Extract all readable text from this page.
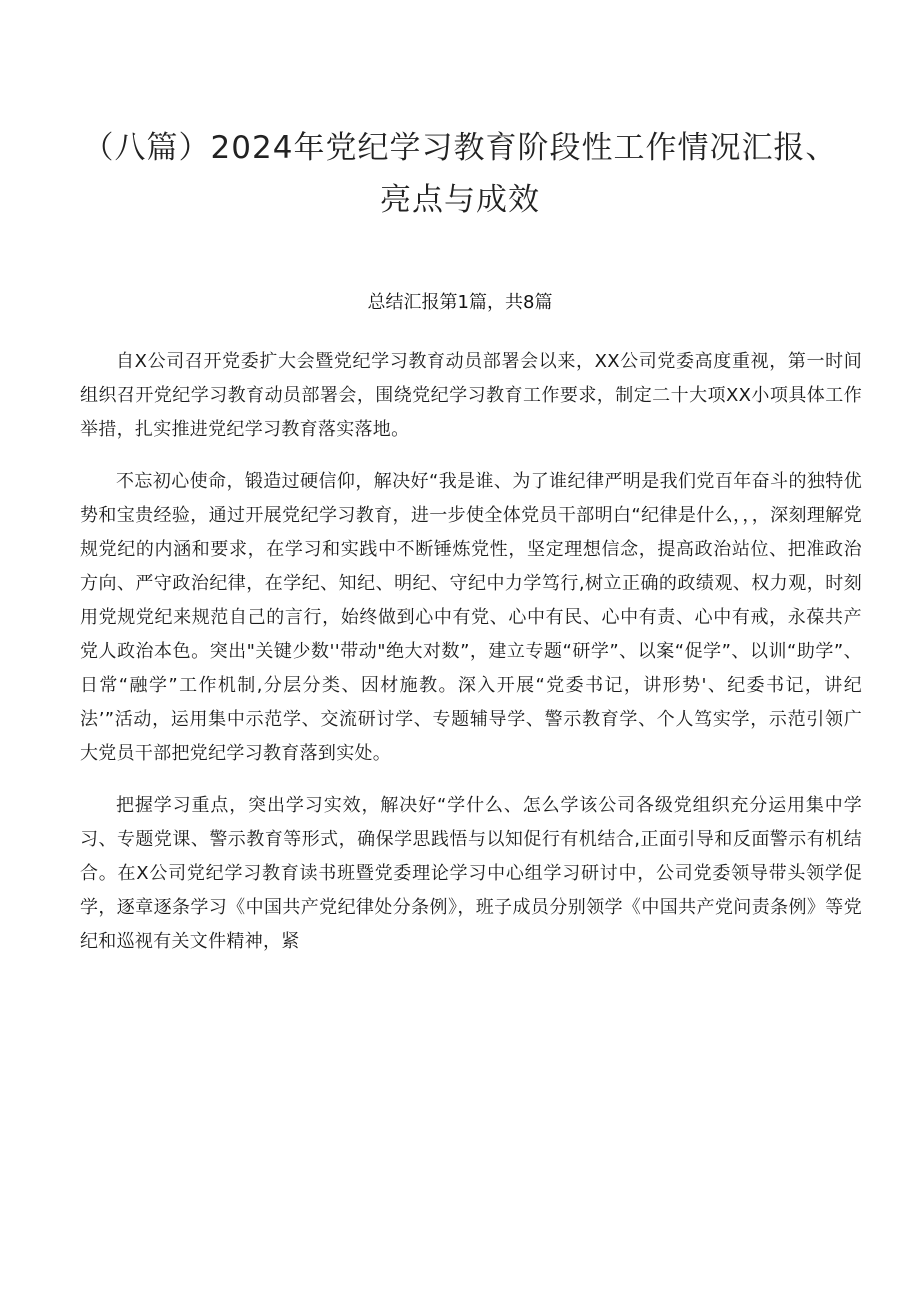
（八篇）2024年党纪学习教育阶段性工作情况汇报、亮点与成效

总结汇报第1篇，共8篇

自X公司召开党委扩大会暨党纪学习教育动员部署会以来，XX公司党委高度重视，第一时间组织召开党纪学习教育动员部署会，围绕党纪学习教育工作要求，制定二十大项XX小项具体工作举措，扎实推进党纪学习教育落实落地。

不忘初心使命，锻造过硬信仰，解决好“我是谁、为了谁纪律严明是我们党百年奋斗的独特优势和宝贵经验，通过开展党纪学习教育，进一步使全体党员干部明白“纪律是什么，，，深刻理解党规党纪的内涵和要求，在学习和实践中不断锤炼党性，坚定理想信念，提高政治站位、把准政治方向、严守政治纪律，在学纪、知纪、明纪、守纪中力学笃行,树立正确的政绩观、权力观，时刻用党规党纪来规范自己的言行，始终做到心中有党、心中有民、心中有责、心中有戒，永葆共产党人政治本色。突出"关键少数''带动"绝大对数”，建立专题“研学”、以案“促学”、以训“助学”、日常“融学”工作机制,分层分类、因材施教。深入开展“党委书记，讲形势'、纪委书记，讲纪法’”活动，运用集中示范学、交流研讨学、专题辅导学、警示教育学、个人笃实学，示范引领广大党员干部把党纪学习教育落到实处。

把握学习重点，突出学习实效，解决好“学什么、怎么学该公司各级党组织充分运用集中学习、专题党课、警示教育等形式，确保学思践悟与以知促行有机结合,正面引导和反面警示有机结合。在X公司党纪学习教育读书班暨党委理论学习中心组学习研讨中，公司党委领导带头领学促学，逐章逐条学习《中国共产党纪律处分条例》，班子成员分别领学《中国共产党问责条例》等党纪和巡视有关文件精神，紧
